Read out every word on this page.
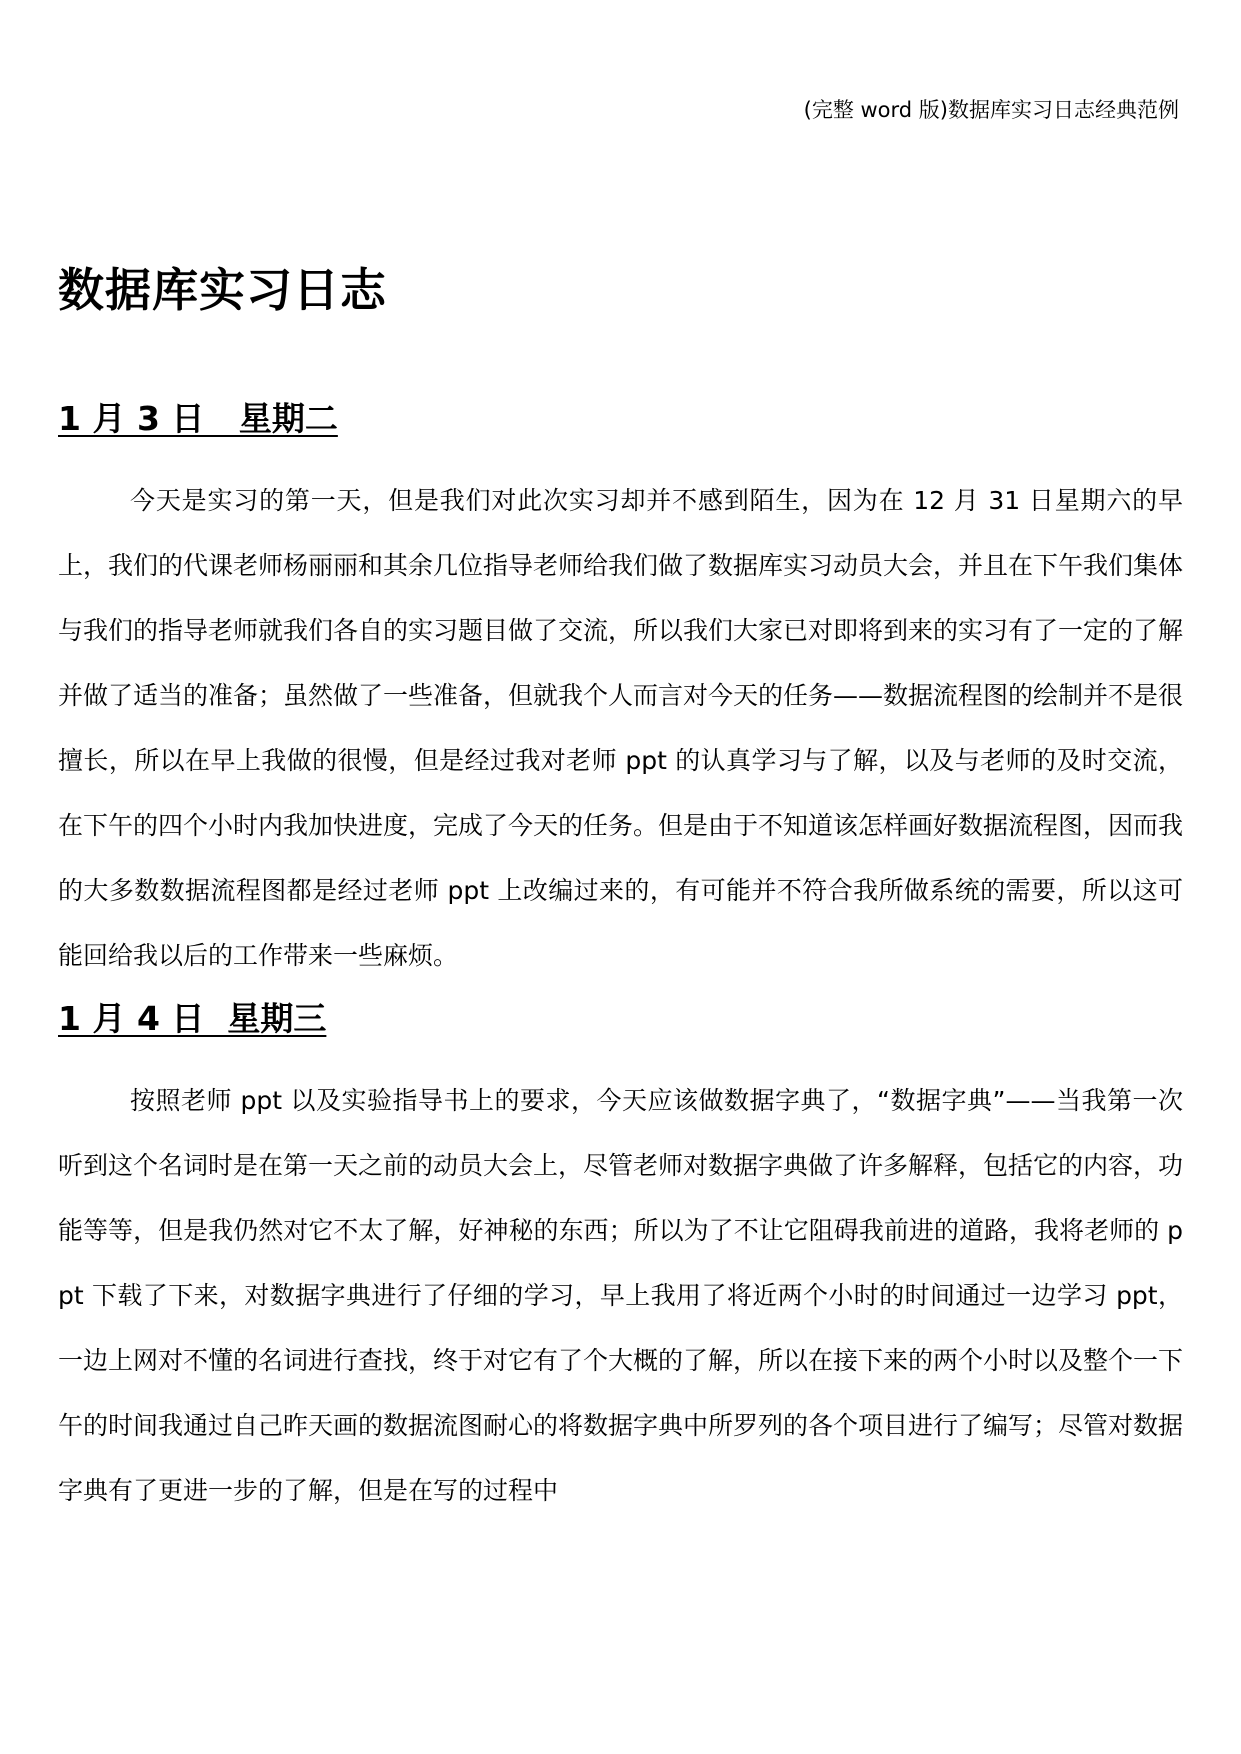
(完整 word 版)数据库实习日志经典范例
数据库实习日志
1 月 3 日   星期二

今天是实习的第一天，但是我们对此次实习却并不感到陌生，因为在 12 月 31 日星期六的早上，我们的代课老师杨丽丽和其余几位指导老师给我们做了数据库实习动员大会，并且在下午我们集体与我们的指导老师就我们各自的实习题目做了交流，所以我们大家已对即将到来的实习有了一定的了解并做了适当的准备；虽然做了一些准备，但就我个人而言对今天的任务——数据流程图的绘制并不是很擅长，所以在早上我做的很慢，但是经过我对老师 ppt 的认真学习与了解，以及与老师的及时交流，在下午的四个小时内我加快进度，完成了今天的任务。但是由于不知道该怎样画好数据流程图，因而我的大多数数据流程图都是经过老师 ppt 上改编过来的，有可能并不符合我所做系统的需要，所以这可能回给我以后的工作带来一些麻烦。

1 月 4 日  星期三

按照老师 ppt 以及实验指导书上的要求，今天应该做数据字典了，“数据字典”——当我第一次听到这个名词时是在第一天之前的动员大会上，尽管老师对数据字典做了许多解释，包括它的内容，功能等等，但是我仍然对它不太了解，好神秘的东西；所以为了不让它阻碍我前进的道路，我将老师的 ppt 下载了下来，对数据字典进行了仔细的学习，早上我用了将近两个小时的时间通过一边学习 ppt，一边上网对不懂的名词进行查找，终于对它有了个大概的了解，所以在接下来的两个小时以及整个一下午的时间我通过自己昨天画的数据流图耐心的将数据字典中所罗列的各个项目进行了编写；尽管对数据字典有了更进一步的了解，但是在写的过程中
